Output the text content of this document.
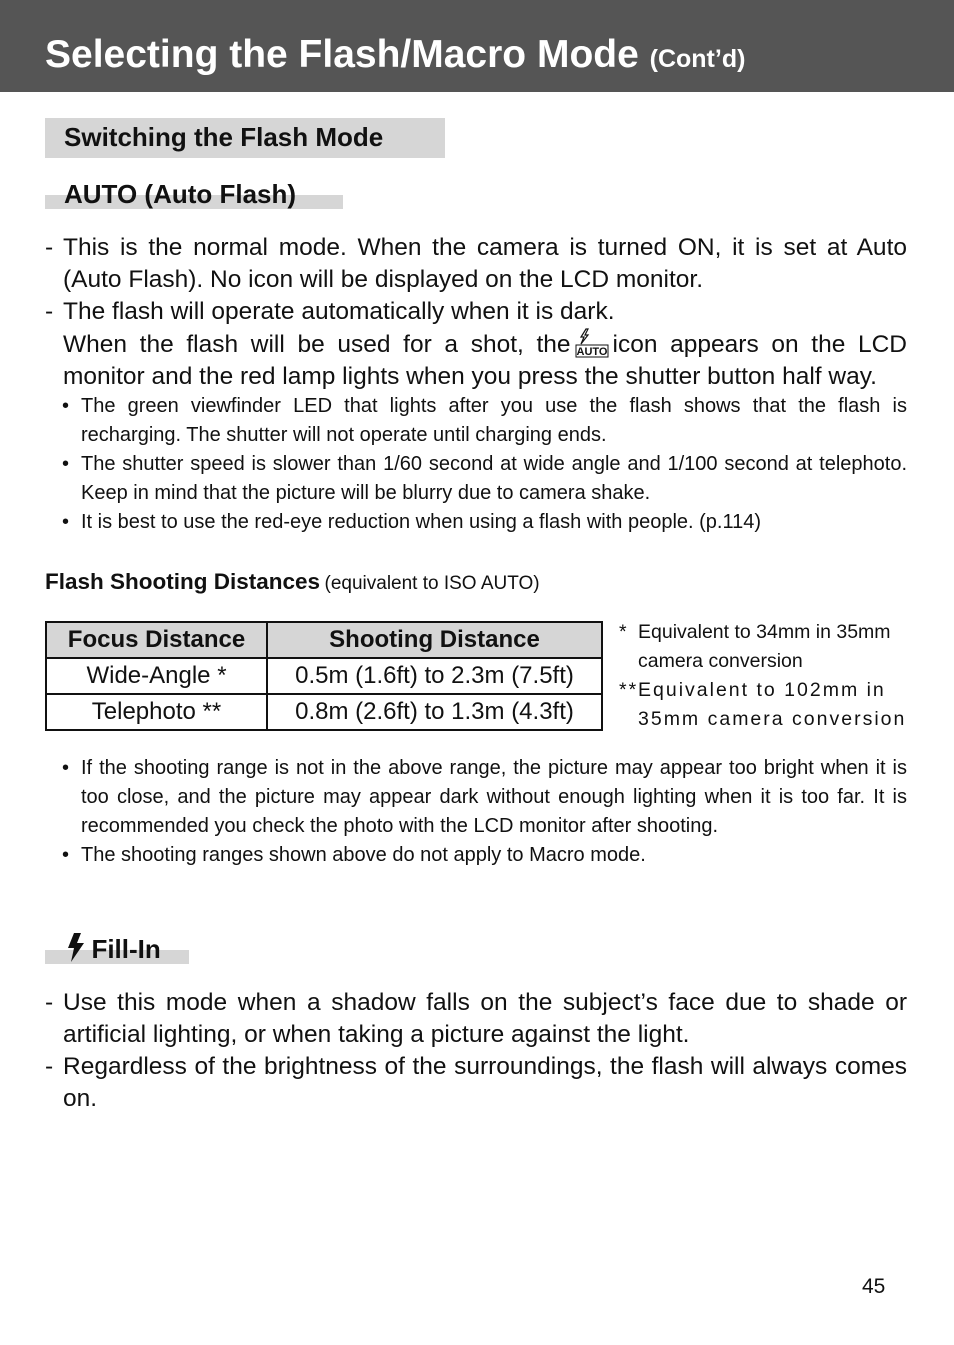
Selecting the Flash/Macro Mode (Cont’d)
Switching the Flash Mode
AUTO (Auto Flash)
- This is the normal mode. When the camera is turned ON, it is set at Auto (Auto Flash). No icon will be displayed on the LCD monitor.
- The flash will operate automatically when it is dark.
When the flash will be used for a shot, the AUTO icon appears on the LCD monitor and the red lamp lights when you press the shutter button half way.
• The green viewfinder LED that lights after you use the flash shows that the flash is recharging. The shutter will not operate until charging ends.
• The shutter speed is slower than 1/60 second at wide angle and 1/100 second at telephoto. Keep in mind that the picture will be blurry due to camera shake.
• It is best to use the red-eye reduction when using a flash with people. (p.114)
Flash Shooting Distances (equivalent to ISO AUTO)
Focus Distance	Shooting Distance
Wide-Angle *	0.5m (1.6ft) to 2.3m (7.5ft)
Telephoto **	0.8m (2.6ft) to 1.3m (4.3ft)
* Equivalent to 34mm in 35mm camera conversion
** Equivalent to 102mm in 35mm camera conversion
• If the shooting range is not in the above range, the picture may appear too bright when it is too close, and the picture may appear dark without enough lighting when it is too far. It is recommended you check the photo with the LCD monitor after shooting.
• The shooting ranges shown above do not apply to Macro mode.
Fill-In
- Use this mode when a shadow falls on the subject’s face due to shade or artificial lighting, or when taking a picture against the light.
- Regardless of the brightness of the surroundings, the flash will always comes on.
45
